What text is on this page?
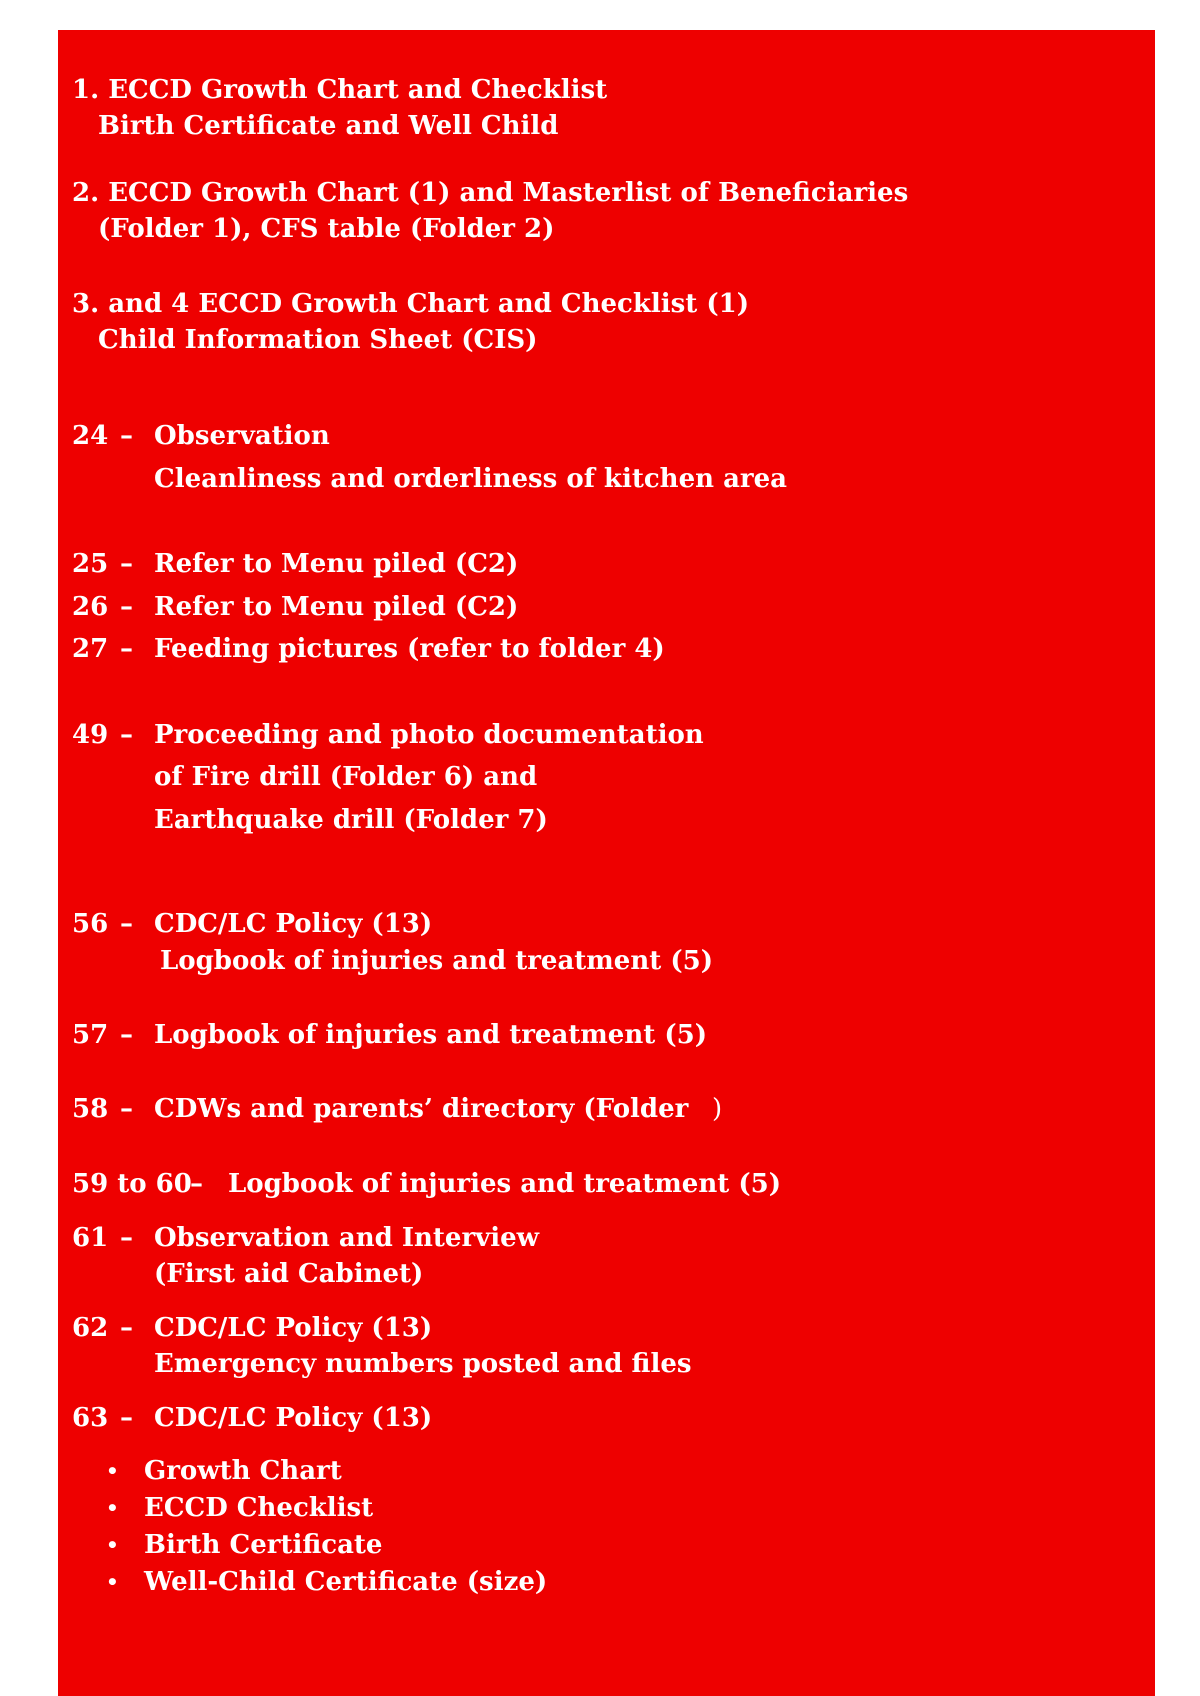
1. ECCD Growth Chart and Checklist
Birth Certificate and Well Child
2. ECCD Growth Chart (1) and Masterlist of Beneficiaries
(Folder 1), CFS table (Folder 2)
3. and 4 ECCD Growth Chart and Checklist (1)
Child Information Sheet (CIS)
24 – Observation
Cleanliness and orderliness of kitchen area
25 – Refer to Menu piled (C2)
26 – Refer to Menu piled (C2)
27 – Feeding pictures (refer to folder 4)
49 – Proceeding and photo documentation
of Fire drill (Folder 6) and
Earthquake drill (Folder 7)
56 – CDC/LC Policy (13)
Logbook of injuries and treatment (5)
57 – Logbook of injuries and treatment (5)
58 – CDWs and parents’ directory (Folder )
59 to 60
– Logbook of injuries and treatment (5)
61 – Observation and Interview
(First aid Cabinet)
62 – CDC/LC Policy (13)
Emergency numbers posted and files
63 – CDC/LC Policy (13)
• Growth Chart
• ECCD Checklist
• Birth Certificate
• Well-Child Certificate (size)
